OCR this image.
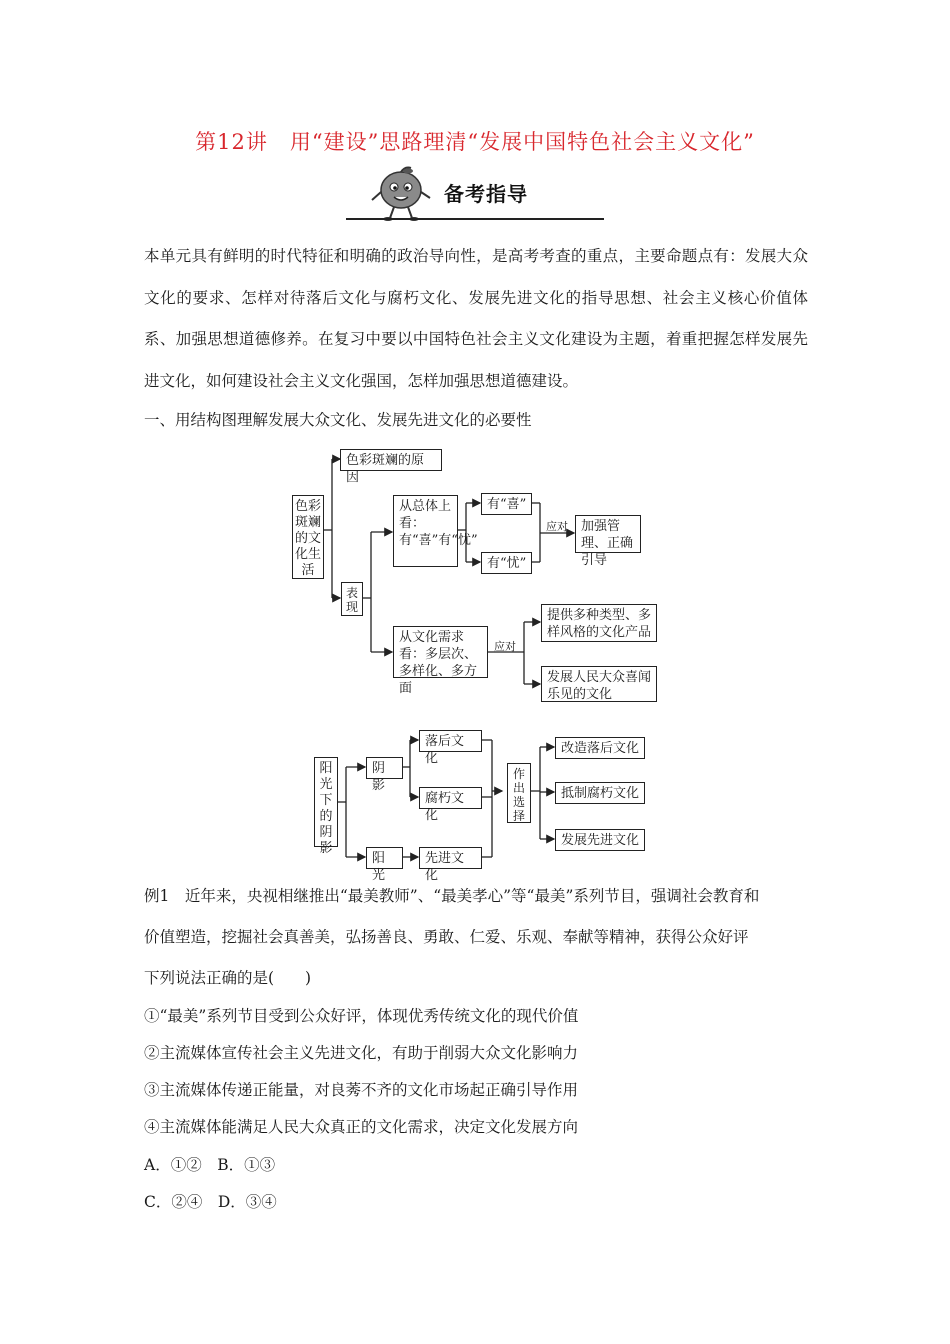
第12讲　用“建设”思路理清“发展中国特色社会主义文化”
备考指导

本单元具有鲜明的时代特征和明确的政治导向性，是高考考查的重点，主要命题点有：发展大众文化的要求、怎样对待落后文化与腐朽文化、发展先进文化的指导思想、社会主义核心价值体系、加强思想道德修养。在复习中要以中国特色社会主义文化建设为主题，着重把握怎样发展先进文化，如何建设社会主义文化强国，怎样加强思想道德建设。

一、用结构图理解发展大众文化、发展先进文化的必要性
色彩斑斓的文化生活
色彩斑斓的原因
表现
从总体上看：有“喜”有“忧”
有“喜”
有“忧”
应对	加强管理、正确引导
从文化需求看：多层次、多样化、多方面
应对
提供多种类型、多样风格的文化产品
发展人民大众喜闻乐见的文化
阳光下的阴影
阴影
阳光
落后文化
腐朽文化
先进文化
作出选择
改造落后文化
抵制腐朽文化
发展先进文化
例1　近年来，央视相继推出“最美教师”、“最美孝心”等“最美”系列节目，强调社会教育和
价值塑造，挖掘社会真善美，弘扬善良、勇敢、仁爱、乐观、奉献等精神，获得公众好评
下列说法正确的是(　　)
①“最美”系列节目受到公众好评，体现优秀传统文化的现代价值
②主流媒体宣传社会主义先进文化，有助于削弱大众文化影响力
③主流媒体传递正能量，对良莠不齐的文化市场起正确引导作用
④主流媒体能满足人民大众真正的文化需求，决定文化发展方向
A．①②　B．①③
C．②④　D．③④
